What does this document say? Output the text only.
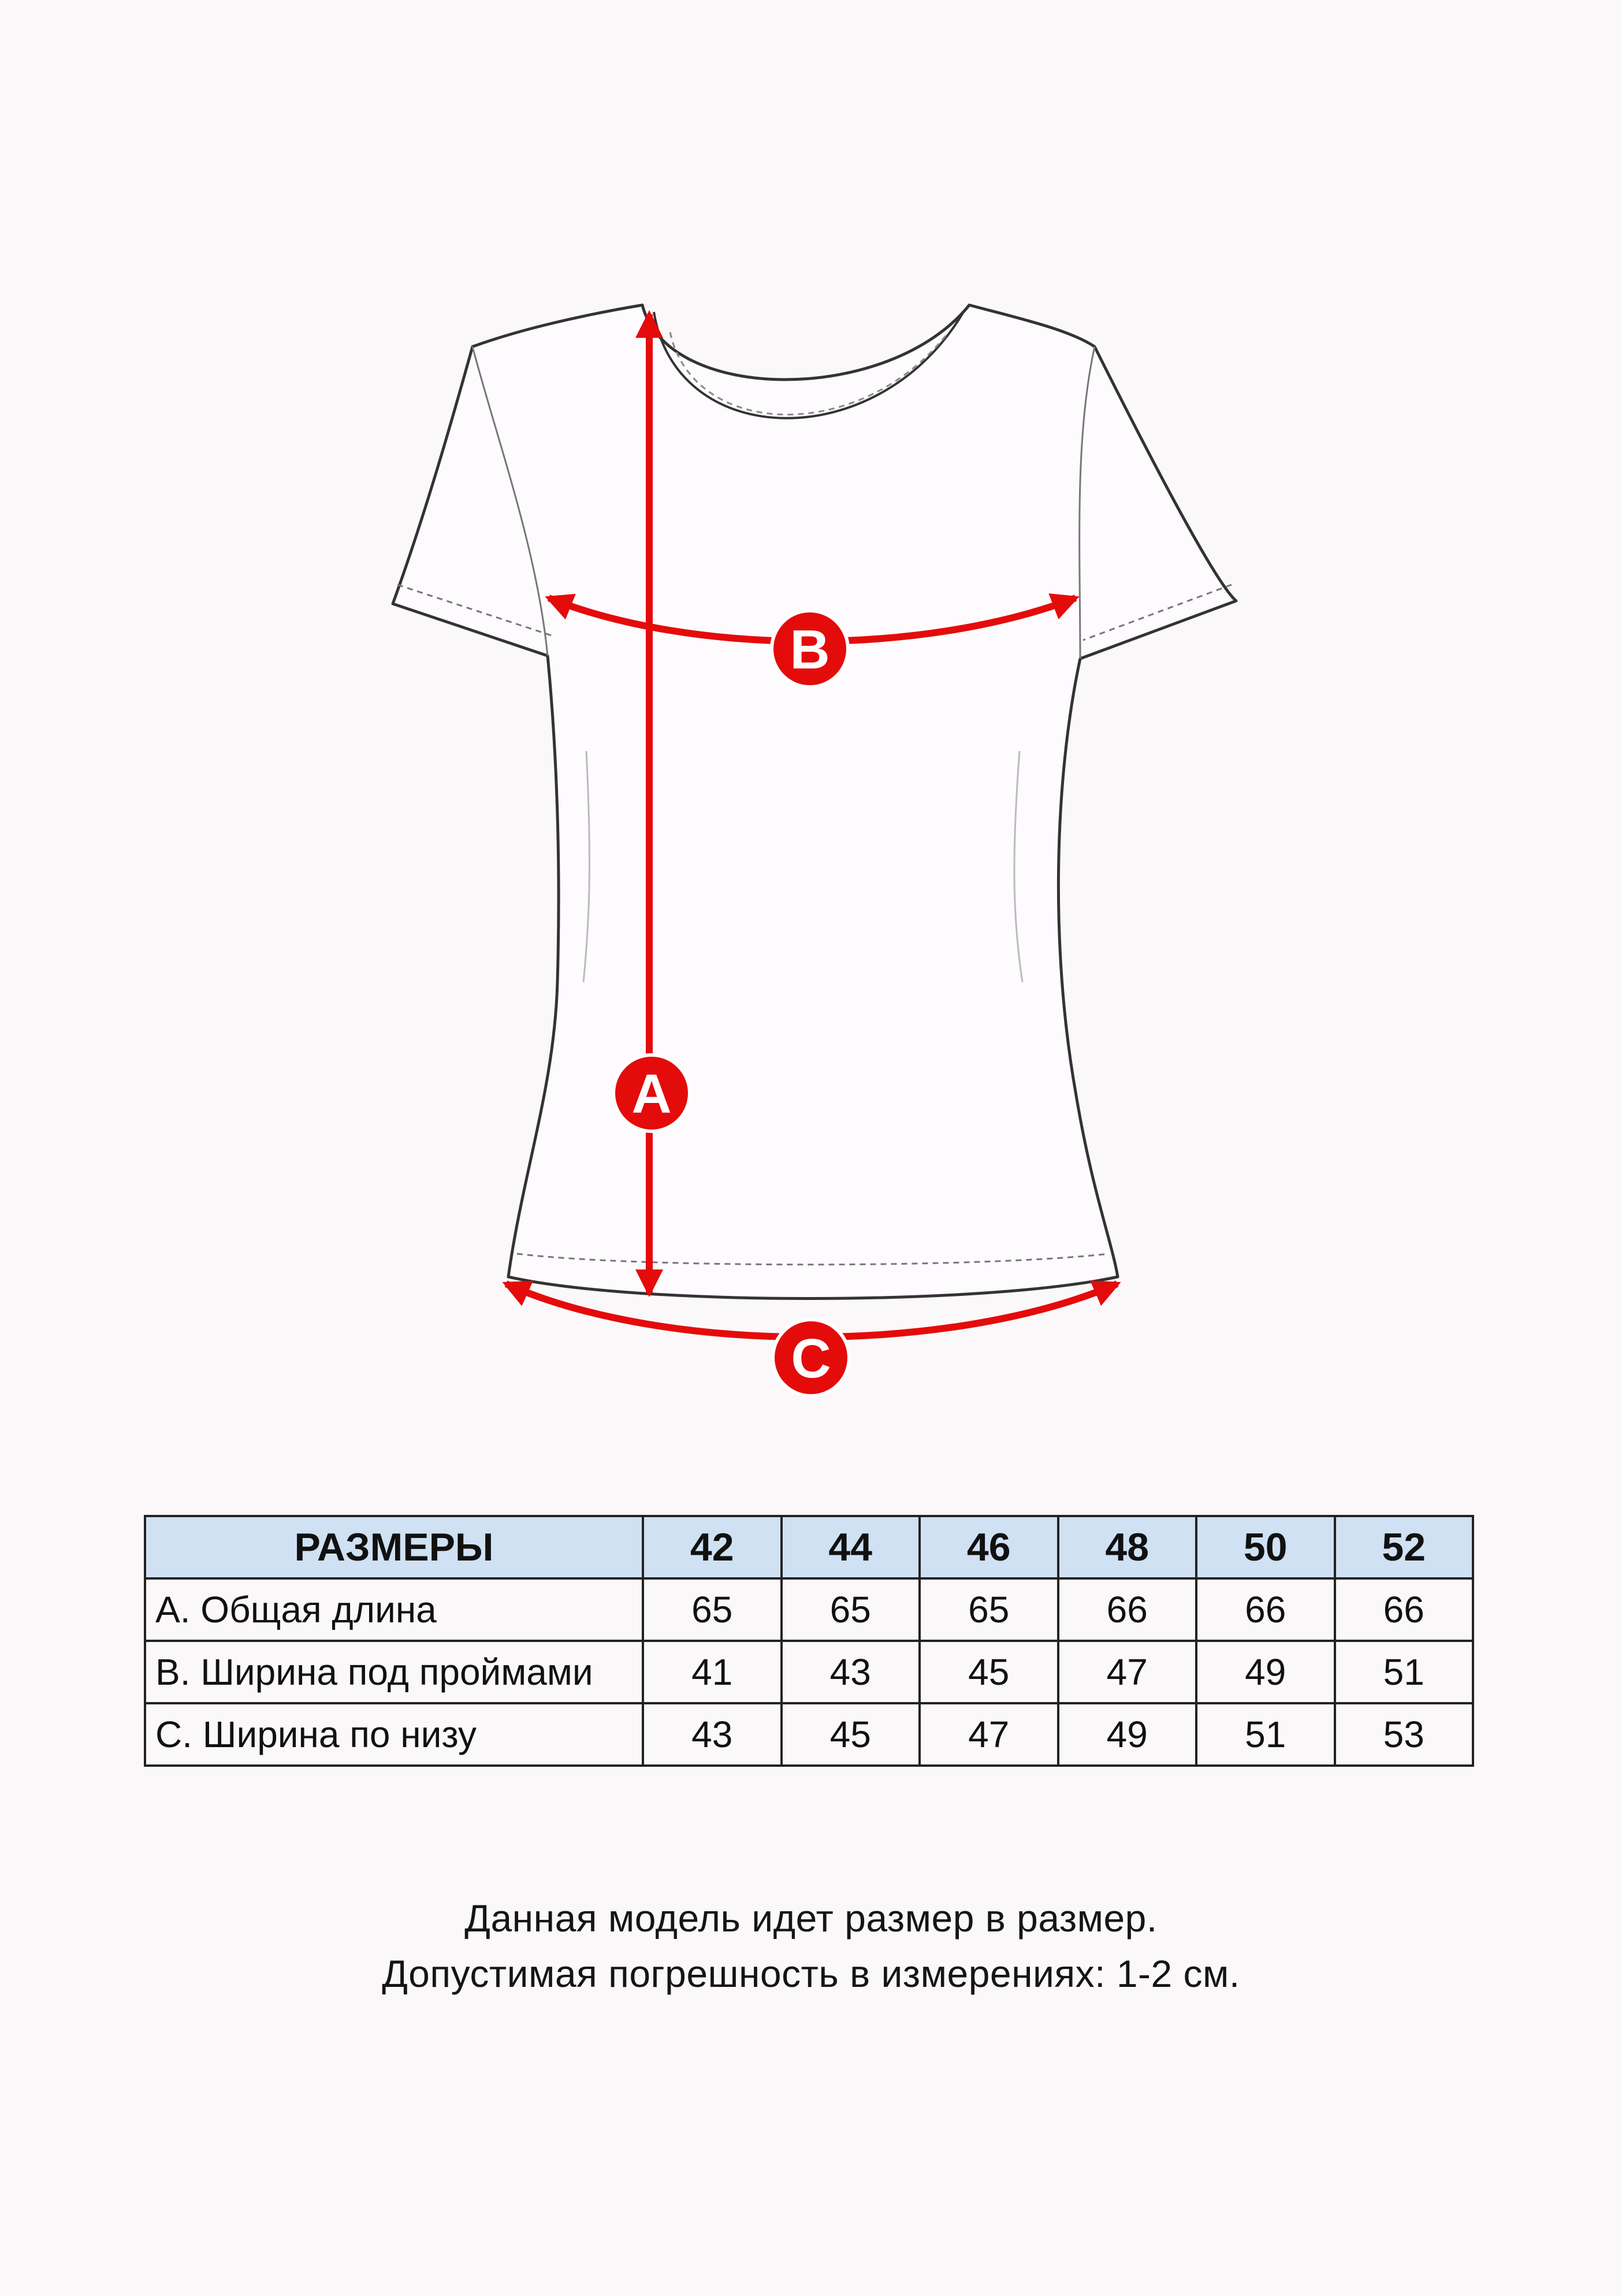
A
B
C
РАЗМЕРЫ	42	44	46	48	50	52
A. Общая длина	65	65	65	66	66	66
B. Ширина под проймами	41	43	45	47	49	51
C. Ширина по низу	43	45	47	49	51	53
Данная модель идет размер в размер.
Допустимая погрешность в измерениях: 1-2 см.
